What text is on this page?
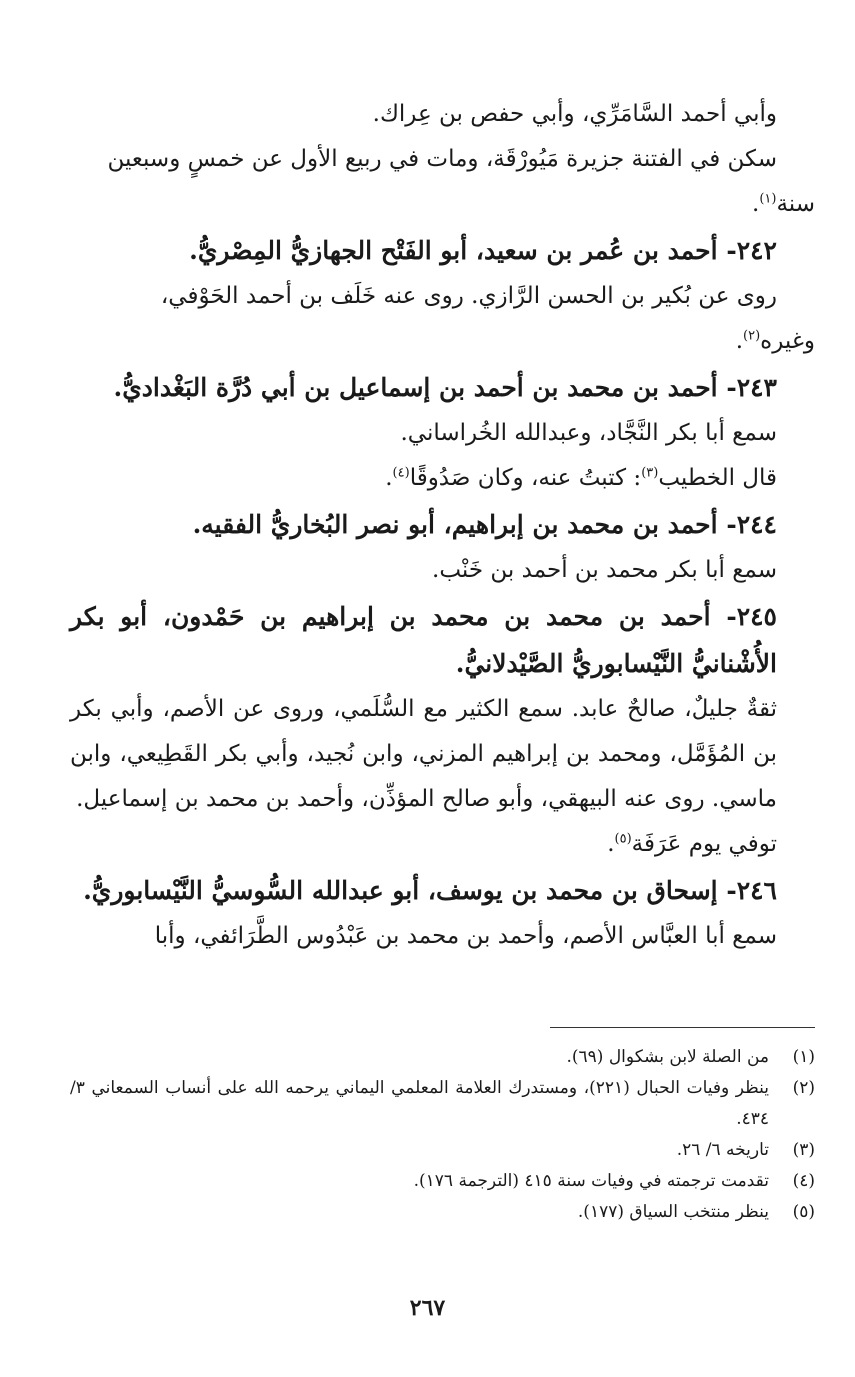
وأبي أحمد السَّامَرِّي، وأبي حفص بن عِراك.
سكن في الفتنة جزيرة مَيُورْقَة، ومات في ربيع الأول عن خمسٍ وسبعين
سنة$^{(١)}$.
٢٤٢- أحمد بن عُمر بن سعيد، أبو الفَتْح الجهازيُّ المِصْريُّ.
روى عن بُكير بن الحسن الرَّازي. روى عنه خَلَف بن أحمد الحَوْفي،
وغيره$^{(٢)}$.
٢٤٣- أحمد بن محمد بن أحمد بن إسماعيل بن أبي دُرَّة البَغْداديُّ.
سمع أبا بكر النَّجَّاد، وعبدالله الخُراساني.
قال الخطيب$^{(٣)}$: كتبتُ عنه، وكان صَدُوقًا$^{(٤)}$.
٢٤٤- أحمد بن محمد بن إبراهيم، أبو نصر البُخاريُّ الفقيه.
سمع أبا بكر محمد بن أحمد بن خَنْب.
٢٤٥- أحمد بن محمد بن محمد بن إبراهيم بن حَمْدون، أبو بكر الأُشْنانيُّ النَّيْسابوريُّ الصَّيْدلانيُّ.
ثقةٌ جليلٌ، صالحٌ عابد. سمع الكثير مع السُّلَمي، وروى عن الأصم، وأبي بكر بن المُؤَمَّل، ومحمد بن إبراهيم المزني، وابن نُجيد، وأبي بكر القَطِيعي، وابن ماسي. روى عنه البيهقي، وأبو صالح المؤذِّن، وأحمد بن محمد بن إسماعيل.
توفي يوم عَرَفَة$^{(٥)}$.
٢٤٦- إسحاق بن محمد بن يوسف، أبو عبدالله السُّوسيُّ النَّيْسابوريُّ.
سمع أبا العبَّاس الأصم، وأحمد بن محمد بن عَبْدُوس الطَّرَائفي، وأبا
(١)
من الصلة لابن بشكوال (٦٩).
(٢)
ينظر وفيات الحبال (٢٢١)، ومستدرك العلامة المعلمي اليماني يرحمه الله على أنساب السمعاني ٣/ ٤٣٤.
(٣)
تاريخه ٦/ ٢٦.
(٤)
تقدمت ترجمته في وفيات سنة ٤١٥ (الترجمة ١٧٦).
(٥)
ينظر منتخب السياق (١٧٧).
٢٦٧
